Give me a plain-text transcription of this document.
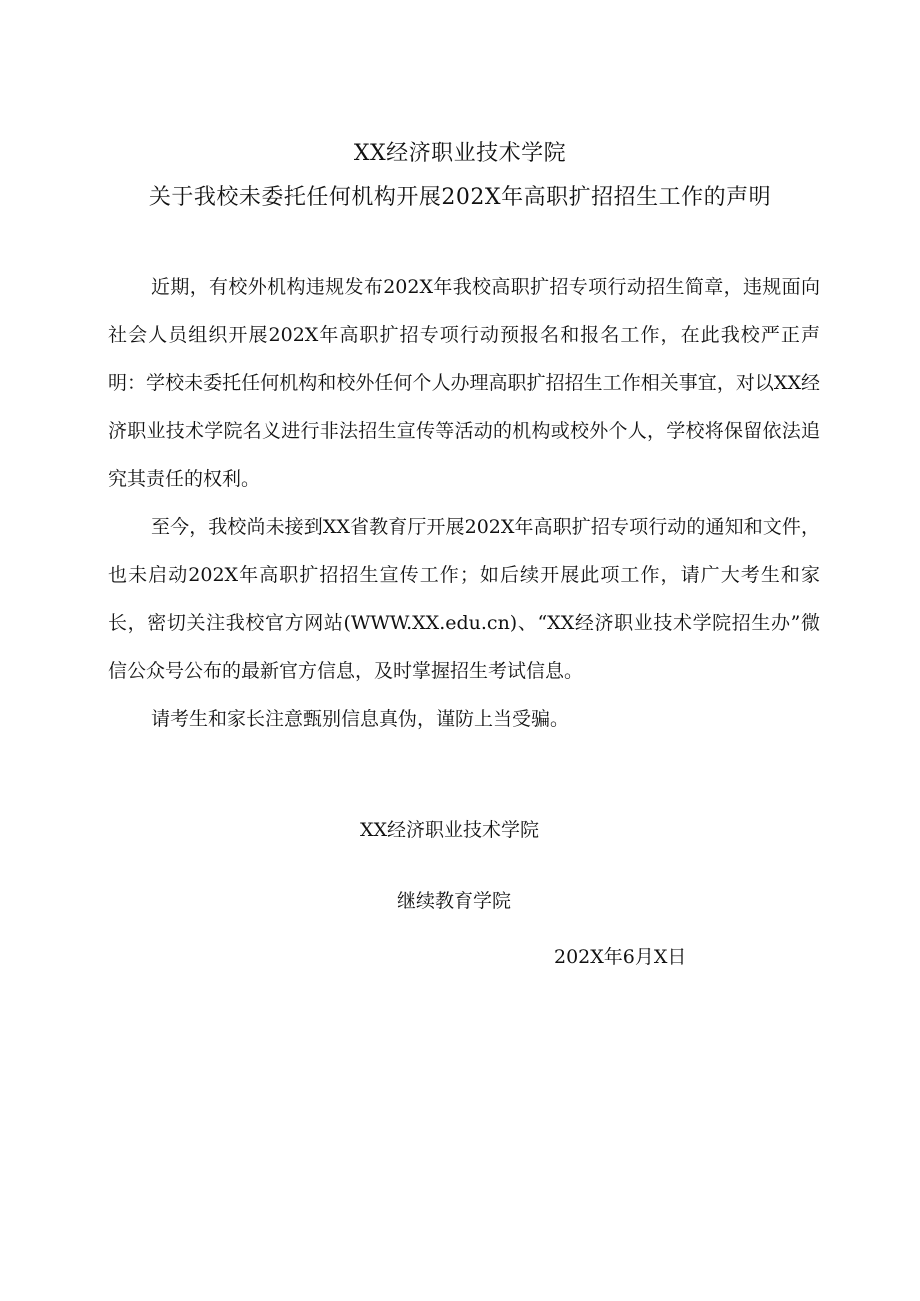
XX经济职业技术学院
关于我校未委托任何机构开展202X年高职扩招招生工作的声明

近期，有校外机构违规发布202X年我校高职扩招专项行动招生简章，违规面向社会人员组织开展202X年高职扩招专项行动预报名和报名工作，在此我校严正声明：学校未委托任何机构和校外任何个人办理高职扩招招生工作相关事宜，对以XX经济职业技术学院名义进行非法招生宣传等活动的机构或校外个人，学校将保留依法追究其责任的权利。

至今，我校尚未接到XX省教育厅开展202X年高职扩招专项行动的通知和文件，也未启动202X年高职扩招招生宣传工作；如后续开展此项工作，请广大考生和家长，密切关注我校官方网站(WWW.XX.edu.cn)、“XX经济职业技术学院招生办”微信公众号公布的最新官方信息，及时掌握招生考试信息。

请考生和家长注意甄别信息真伪，谨防上当受骗。

XX经济职业技术学院
继续教育学院
202X年6月X日
